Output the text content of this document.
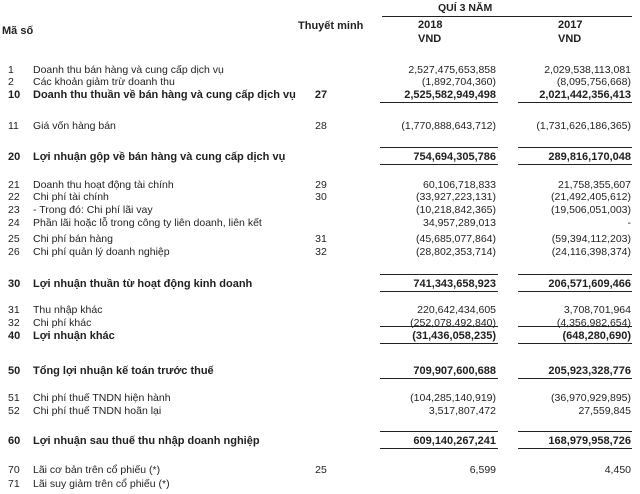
QUÍ 3 NĂM
Mã số	Thuyết minh	2018	2017
VND	VND
1 Doanh thu bán hàng và cung cấp dịch vụ	2,527,475,653,858	2,029,538,113,081
2 Các khoản giảm trừ doanh thu	(1,892,704,360)	(8,095,756,668)
10 Doanh thu thuần về bán hàng và cung cấp dịch vụ	27	2,525,582,949,498	2,021,442,356,413
11 Giá vốn hàng bán	28	(1,770,888,643,712)	(1,731,626,186,365)
20 Lợi nhuận gộp về bán hàng và cung cấp dịch vụ	754,694,305,786	289,816,170,048
21 Doanh thu hoạt động tài chính	29	60,106,718,833	21,758,355,607
22 Chi phí tài chính	30	(33,927,223,131)	(21,492,405,612)
23 - Trong đó: Chi phí lãi vay	(10,218,842,365)	(19,506,051,003)
24 Phần lãi hoặc lỗ trong công ty liên doanh, liên kết	34,957,289,013	-
25 Chi phí bán hàng	31	(45,685,077,864)	(59,394,112,203)
26 Chi phí quản lý doanh nghiệp	32	(28,802,353,714)	(24,116,398,374)
30 Lợi nhuận thuần từ hoạt động kinh doanh	741,343,658,923	206,571,609,466
31 Thu nhập khác	220,642,434,605	3,708,701,964
32 Chi phí khác	(252,078,492,840)	(4,356,982,654)
40 Lợi nhuận khác	(31,436,058,235)	(648,280,690)
50 Tổng lợi nhuận kế toán trước thuế	709,907,600,688	205,923,328,776
51 Chi phí thuế TNDN hiện hành	(104,285,140,919)	(36,970,929,895)
52 Chi phí thuế TNDN hoãn lại	3,517,807,472	27,559,845
60 Lợi nhuận sau thuế thu nhập doanh nghiệp	609,140,267,241	168,979,958,726
70 Lãi cơ bản trên cổ phiếu (*)	25	6,599	4,450
71 Lãi suy giảm trên cổ phiếu (*)
